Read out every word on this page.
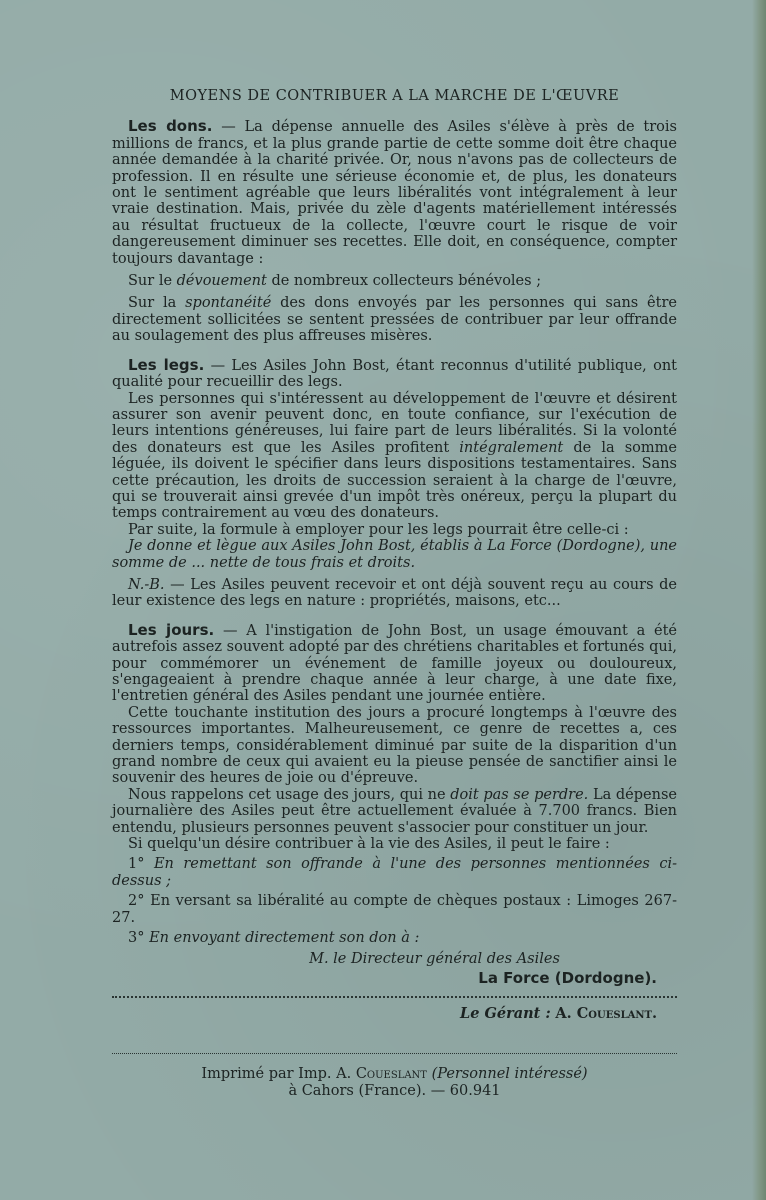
MOYENS DE CONTRIBUER A LA MARCHE DE L'ŒUVRE

Les dons. — La dépense annuelle des Asiles s'élève à près de trois millions de francs, et la plus grande partie de cette somme doit être chaque année demandée à la charité privée. Or, nous n'avons pas de collecteurs de profession. Il en résulte une sérieuse économie et, de plus, les donateurs ont le sentiment agréable que leurs libéralités vont intégralement à leur vraie destination. Mais, privée du zèle d'agents matériellement intéressés au résultat fructueux de la collecte, l'œuvre court le risque de voir dangereusement diminuer ses recettes. Elle doit, en conséquence, compter toujours davantage :

Sur le dévouement de nombreux collecteurs bénévoles ;

Sur la spontanéité des dons envoyés par les personnes qui sans être directement sollicitées se sentent pressées de contribuer par leur offrande au soulagement des plus affreuses misères.

Les legs. — Les Asiles John Bost, étant reconnus d'utilité publique, ont qualité pour recueillir des legs.

Les personnes qui s'intéressent au développement de l'œuvre et désirent assurer son avenir peuvent donc, en toute confiance, sur l'exécution de leurs intentions généreuses, lui faire part de leurs libéralités. Si la volonté des donateurs est que les Asiles profitent intégralement de la somme léguée, ils doivent le spécifier dans leurs dispositions testamentaires. Sans cette précaution, les droits de succession seraient à la charge de l'œuvre, qui se trouverait ainsi grevée d'un impôt très onéreux, perçu la plupart du temps contrairement au vœu des donateurs.

Par suite, la formule à employer pour les legs pourrait être celle-ci :

Je donne et lègue aux Asiles John Bost, établis à La Force (Dordogne), une somme de ... nette de tous frais et droits.

N.-B. — Les Asiles peuvent recevoir et ont déjà souvent reçu au cours de leur existence des legs en nature : propriétés, maisons, etc...

Les jours. — A l'instigation de John Bost, un usage émouvant a été autrefois assez souvent adopté par des chrétiens charitables et fortunés qui, pour commémorer un événement de famille joyeux ou douloureux, s'engageaient à prendre chaque année à leur charge, à une date fixe, l'entretien général des Asiles pendant une journée entière.

Cette touchante institution des jours a procuré longtemps à l'œuvre des ressources importantes. Malheureusement, ce genre de recettes a, ces derniers temps, considérablement diminué par suite de la disparition d'un grand nombre de ceux qui avaient eu la pieuse pensée de sanctifier ainsi le souvenir des heures de joie ou d'épreuve.

Nous rappelons cet usage des jours, qui ne doit pas se perdre. La dépense journalière des Asiles peut être actuellement évaluée à 7.700 francs. Bien entendu, plusieurs personnes peuvent s'associer pour constituer un jour.

Si quelqu'un désire contribuer à la vie des Asiles, il peut le faire :

1° En remettant son offrande à l'une des personnes mentionnées ci-dessus ;

2° En versant sa libéralité au compte de chèques postaux : Limoges 267-27.

3° En envoyant directement son don à :

M. le Directeur général des Asiles
La Force (Dordogne).
Le Gérant : A. Coueslant.
Imprimé par Imp. A. Coueslant (Personnel intéressé)
à Cahors (France). — 60.941
